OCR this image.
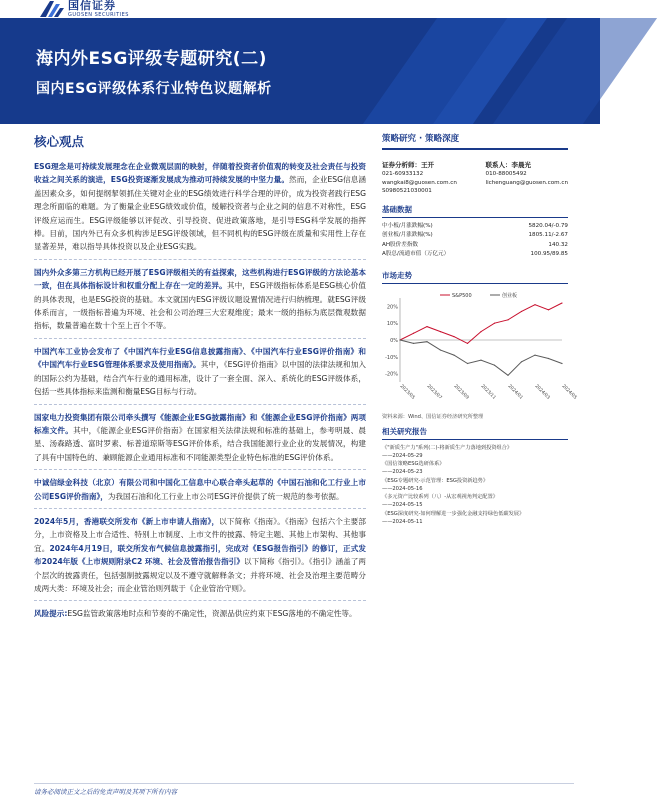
国信证券
GUOSEN SECURITIES
海内外ESG评级专题研究(二)
国内ESG评级体系行业特色议题解析
核心观点
ESG理念是可持续发展理念在企业微观层面的映射，伴随着投资者价值观的转变及社会责任与投资收益之间关系的演进，ESG投资逐渐发展成为推动可持续发展的中坚力量。然而，企业ESG信息涵盖因素众多，如何提纲挈领抓住关键对企业的ESG绩效进行科学合理的评价，成为投资者践行ESG理念所面临的难题。为了衡量企业ESG绩效或价值，缓解投资者与企业之间的信息不对称性，ESG评级应运而生。ESG评级能够以评促改、引导投资、促进政策落地，是引导ESG科学发展的指挥棒。目前，国内外已有众多机构涉足ESG评级领域，但不同机构的ESG评级在质量和实用性上存在显著差异，难以指导具体投资以及企业ESG实践。
国内外众多第三方机构已经开展了ESG评级相关的有益探索，这些机构进行ESG评级的方法论基本一致，但在具体指标设计和权重分配上存在一定的差异。其中，ESG评级指标体系是ESG核心价值的具体表现，也是ESG投资的基础。本文就国内ESG评级议题设置情况进行归纳梳理。就ESG评级体系而言，一级指标普遍为环境、社会和公司治理三大宏观维度；最末一级的指标为底层微观数据指标，数量普遍在数十个至上百个不等。
中国汽车工业协会发布了《中国汽车行业ESG信息披露指南》、《中国汽车行业ESG评价指南》和《中国汽车行业ESG管理体系要求及使用指南》。其中，《ESG评价指南》以中国的法律法规和加入的国际公约为基础，结合汽车行业的通用标准，设计了一套全面、深入、系统化的ESG评级体系，包括一些具体指标来监测和衡量ESG目标与行动。
国家电力投资集团有限公司牵头撰写《能源企业ESG披露指南》和《能源企业ESG评价指南》两项标准文件。其中，《能源企业ESG评价指南》在国家相关法律法规和标准的基础上，参考明晟、晨星、汤森路透、富时罗素、标普道琼斯等ESG评价体系，结合我国能源行业企业的发展情况，构建了具有中国特色的、兼顾能源企业通用标准和不同能源类型企业特色标准的ESG评价体系。
中诚信绿金科技（北京）有限公司和中国化工信息中心联合牵头起草的《中国石油和化工行业上市公司ESG评价指南》，为我国石油和化工行业上市公司ESG评价提供了统一规范的参考依据。
2024年5月，香港联交所发布《新上市申请人指南》，以下简称《指南》。《指南》包括六个主要部分，上市资格及上市合适性、特别上市制度、上市文件的披露、特定主题、其他上市架构、其他事宜。2024年4月19日，联交所发布气候信息披露指引，完成对《ESG报告指引》的修订，正式发布2024年版《上市规则附录C2 环境、社会及管治报告指引》以下简称《指引》。《指引》涵盖了两个层次的披露责任，包括强制披露规定以及不遵守就解释条文；并将环境、社会及治理主要范畴分成两大类：环境及社会；而企业管治则列载于《企业管治守则》。
风险提示:ESG监管政策落地时点和节奏的不确定性，资源品供应约束下ESG落地的不确定性等。
策略研究 · 策略深度
证券分析师：王开
021-60933132
wangkai8@guosen.com.cn
S0980521030001
联系人：李晨光
010-88005492
lichenguang@guosen.com.cn
基础数据
中小板/月涨跌幅(%)	5820.04/-0.79
创业板/月涨跌幅(%)	1805.11/-2.67
AH股价差指数	140.32
A股总/流通市值（万亿元）	100.95/89.85
市场走势
-20%
-10%
0%
10%
20%
2023/05 2023/07 2023/09 2023/11 2024/01 2024/03 2024/05
S&P500	创业板
资料来源：Wind、国信证券经济研究所整理
相关研究报告
《"新质生产力"系列(二)-将新质生产力落地到投资组合》
——2024-05-29
《国信策略ESG选研体系》
——2024-05-23
《ESG专题研究-示范管理：ESG投资新趋势》
——2024-05-16
《多元资产比较系列（八）-从宏观视角判定配置》
——2024-05-15
《ESG深度研究-如何理解进一步强化金融支持绿色低碳发展》
——2024-05-11
请务必阅读正文之后的免责声明及其项下所有内容
